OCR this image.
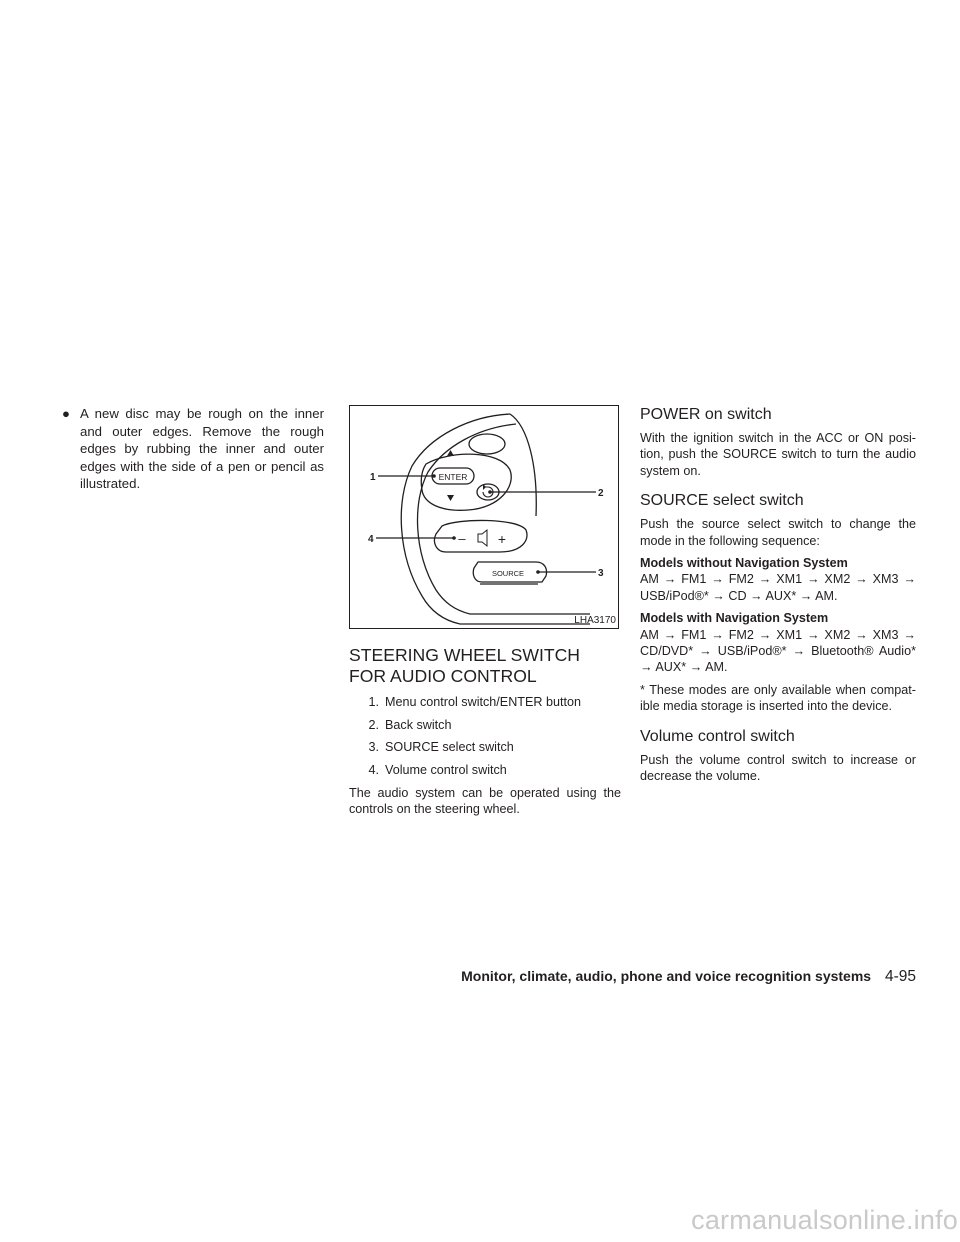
● A new disc may be rough on the inner and outer edges. Remove the rough edges by rubbing the inner and outer edges with the side of a pen or pencil as illustrated.	ENTER
– +
SOURCE
1
2
4
3
LHA3170
STEERING WHEEL SWITCH FOR AUDIO CONTROL
1. Menu control switch/ENTER button
2. Back switch
3. SOURCE select switch
4. Volume control switch

The audio system can be operated using the controls on the steering wheel.

POWER on switch

With the ignition switch in the ACC or ON posi- tion, push the SOURCE switch to turn the audio system on.

SOURCE select switch

Push the source select switch to change the mode in the following sequence:

Models without Navigation System

AM → FM1 → FM2 → XM1 → XM2 → XM3 → USB/iPod®* → CD → AUX* → AM.

Models with Navigation System

AM → FM1 → FM2 → XM1 → XM2 → XM3 → CD/DVD* → USB/iPod®* → Bluetooth® Audio* → AUX* → AM.

* These modes are only available when compat- ible media storage is inserted into the device.

Volume control switch

Push the volume control switch to increase or decrease the volume.

Monitor, climate, audio, phone and voice recognition systems 4-95
carmanualsonline.info
